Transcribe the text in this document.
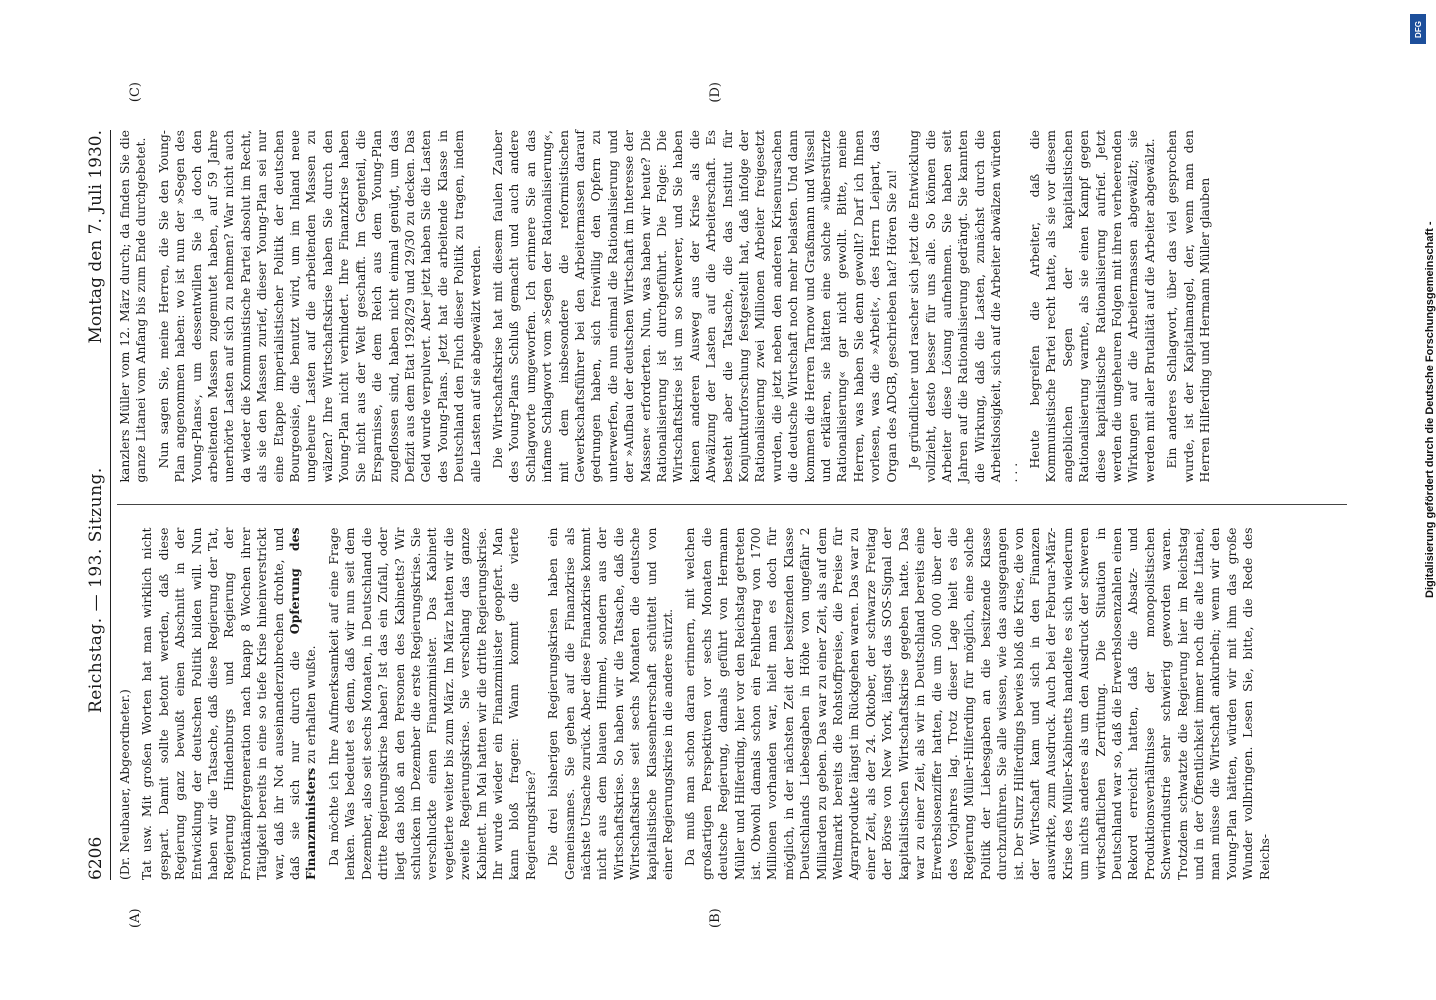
6206
Reichstag. — 193. Sitzung.
Montag den 7. Juli 1930.

(Dr. Neubauer, Abgeordneter.) Tat usw. Mit großen Worten hat man wirklich nicht gespart. Damit sollte betont werden, daß diese Regierung ganz bewußt einen Abschnitt in der Entwicklung der deutschen Politik bilden will. Nun haben wir die Tatsache, daß diese Regierung der Tat, Regierung Hindenburgs und Regierung der Frontkämpfergeneration nach knapp 8 Wochen ihrer Tätigkeit bereits in eine so tiefe Krise hineinverstrickt war, daß ihr Not auseinanderzubrechen drohte, und daß sie sich nur durch die Opferung des Finanzministers zu erhalten wußte. Da möchte ich Ihre Aufmerksamkeit auf eine Frage lenken. Was bedeutet es denn, daß wir nun seit dem Dezember, also seit sechs Monaten, in Deutschland die dritte Regierungskrise haben? Ist das ein Zufall, oder liegt das bloß an den Personen des Kabinetts? Wir schlucken im Dezember die erste Regierungskrise. Sie verschluckte einen Finanzminister. Das Kabinett vegetierte weiter bis zum März. Im März hatten wir die zweite Regierungskrise. Sie verschlang das ganze Kabinett. Im Mai hatten wir die dritte Regierungskrise. Ihr wurde wieder ein Finanzminister geopfert. Man kann bloß fragen: Wann kommt die vierte Regierungskrise? Die drei bisherigen Regierungskrisen haben ein Gemeinsames. Sie gehen auf die Finanzkrise als nächste Ursache zurück. Aber diese Finanzkrise kommt nicht aus dem blauen Himmel, sondern aus der Wirtschaftskrise. So haben wir die Tatsache, daß die Wirtschaftskrise seit sechs Monaten die deutsche kapitalistische Klassenherrschaft schüttelt und von einer Regierungskrise in die andere stürzt. Da muß man schon daran erinnern, mit welchen großartigen Perspektiven vor sechs Monaten die deutsche Regierung, damals geführt von Hermann Müller und Hilferding, hier vor den Reichstag getreten ist. Obwohl damals schon ein Fehlbetrag von 1700 Millionen vorhanden war, hielt man es doch für möglich, in der nächsten Zeit der besitzenden Klasse Deutschlands Liebesgaben in Höhe von ungefähr 2 Milliarden zu geben. Das war zu einer Zeit, als auf dem Weltmarkt bereits die Rohstoffpreise, die Preise für Agrarprodukte längst im Rückgehen waren. Das war zu einer Zeit, als der 24. Oktober, der schwarze Freitag der Börse von New York, längst das SOS-Signal der kapitalistischen Wirtschaftskrise gegeben hatte. Das war zu einer Zeit, als wir in Deutschland bereits eine Erwerbslosenziffer hatten, die um 500 000 über der des Vorjahres lag. Trotz dieser Lage hielt es die Regierung Müller-Hilferding für möglich, eine solche Politik der Liebesgaben an die besitzende Klasse durchzuführen. Sie alle wissen, wie das ausgegangen ist. Der Sturz Hilferdings bewies bloß die Krise, die von der Wirtschaft kam und sich in den Finanzen auswirkte, zum Ausdruck. Auch bei der Februar-März-Krise des Müller-Kabinetts handelte es sich wiederum um nichts anderes als um den Ausdruck der schweren wirtschaftlichen Zerrüttung. Die Situation in Deutschland war so, daß die Erwerbslosenzahlen einen Rekord erreicht hatten, daß die Absatz- und Produktionsverhältnisse der monopolistischen Schwerindustrie sehr schwierig geworden waren. Trotzdem schwatzte die Regierung hier im Reichstag und in der Öffentlichkeit immer noch die alte Litanei, man müsse die Wirtschaft ankurbeln; wenn wir den Young-Plan hätten, würden wir mit ihm das große Wunder vollbringen. Lesen Sie, bitte, die Rede des Reichs-

kanzlers Müller vom 12. März durch; da finden Sie die ganze Litanei vom Anfang bis zum Ende durchgebetet. Nun sagen Sie, meine Herren, die Sie den Young-Plan angenommen haben: wo ist nun der »Segen des Young-Plans«, um dessentwillen Sie ja doch den arbeitenden Massen zugemutet haben, auf 59 Jahre unerhörte Lasten auf sich zu nehmen? War nicht auch da wieder die Kommunistische Partei absolut im Recht, als sie den Massen zurief, dieser Young-Plan sei nur eine Etappe imperialistischer Politik der deutschen Bourgeoisie, die benutzt wird, um im Inland neue ungeheure Lasten auf die arbeitenden Massen zu wälzen? Ihre Wirtschaftskrise haben Sie durch den Young-Plan nicht verhindert. Ihre Finanzkrise haben Sie nicht aus der Welt geschafft. Im Gegenteil, die Ersparnisse, die dem Reich aus dem Young-Plan zugeflossen sind, haben nicht einmal genügt, um das Defizit aus dem Etat 1928/29 und 29/30 zu decken. Das Geld wurde verpulvert. Aber jetzt haben Sie die Lasten des Young-Plans. Jetzt hat die arbeitende Klasse in Deutschland den Fluch dieser Politik zu tragen, indem alle Lasten auf sie abgewälzt werden. Die Wirtschaftskrise hat mit diesem faulen Zauber des Young-Plans Schluß gemacht und auch andere Schlagworte umgeworfen. Ich erinnere Sie an das infame Schlagwort vom »Segen der Rationalisierung«, mit dem insbesondere die reformistischen Gewerkschaftsführer bei den Arbeitermassen darauf gedrungen haben, sich freiwillig den Opfern zu unterwerfen, die nun einmal die Rationalisierung und der »Aufbau der deutschen Wirtschaft im Interesse der Massen« erforderten. Nun, was haben wir heute? Die Rationalisierung ist durchgeführt. Die Folge: Die Wirtschaftskrise ist um so schwerer, und Sie haben keinen anderen Ausweg aus der Krise als die Abwälzung der Lasten auf die Arbeiterschaft. Es besteht aber die Tatsache, die das Institut für Konjunkturforschung festgestellt hat, daß infolge der Rationalisierung zwei Millionen Arbeiter freigesetzt wurden, die jetzt neben den anderen Krisenursachen die deutsche Wirtschaft noch mehr belasten. Und dann kommen die Herren Tarnow und Graßmann und Wissell und erklären, sie hätten eine solche »überstürzte Rationalisierung« gar nicht gewollt. Bitte, meine Herren, was haben Sie denn gewollt? Darf ich Ihnen vorlesen, was die »Arbeit«, des Herrn Leipart, das Organ des ADGB, geschrieben hat? Hören Sie zu! Je gründlicher und rascher sich jetzt die Entwicklung vollzieht, desto besser für uns alle. So können die Arbeiter diese Lösung aufnehmen. Sie haben seit Jahren auf die Rationalisierung gedrängt. Sie kannten die Wirkung, daß die Lasten, zunächst durch die Arbeitslosigkeit, sich auf die Arbeiter abwälzen würden . . .

Heute begreifen die Arbeiter, daß die Kommunistische Partei recht hatte, als sie vor diesem angeblichen Segen der kapitalistischen Rationalisierung warnte, als sie einen Kampf gegen diese kapitalistische Rationalisierung aufrief. Jetzt werden die ungeheuren Folgen mit ihren verheerenden Wirkungen auf die Arbeitermassen abgewälzt; sie werden mit aller Brutalität auf die Arbeiter abgewälzt. Ein anderes Schlagwort, über das viel gesprochen wurde, ist der Kapitalmangel, der, wenn man den Herren Hilferding und Hermann Müller glauben

(A)	(B)
(C)	(D)
DFG
Digitalisierung gefördert durch die Deutsche Forschungsgemeinschaft -
